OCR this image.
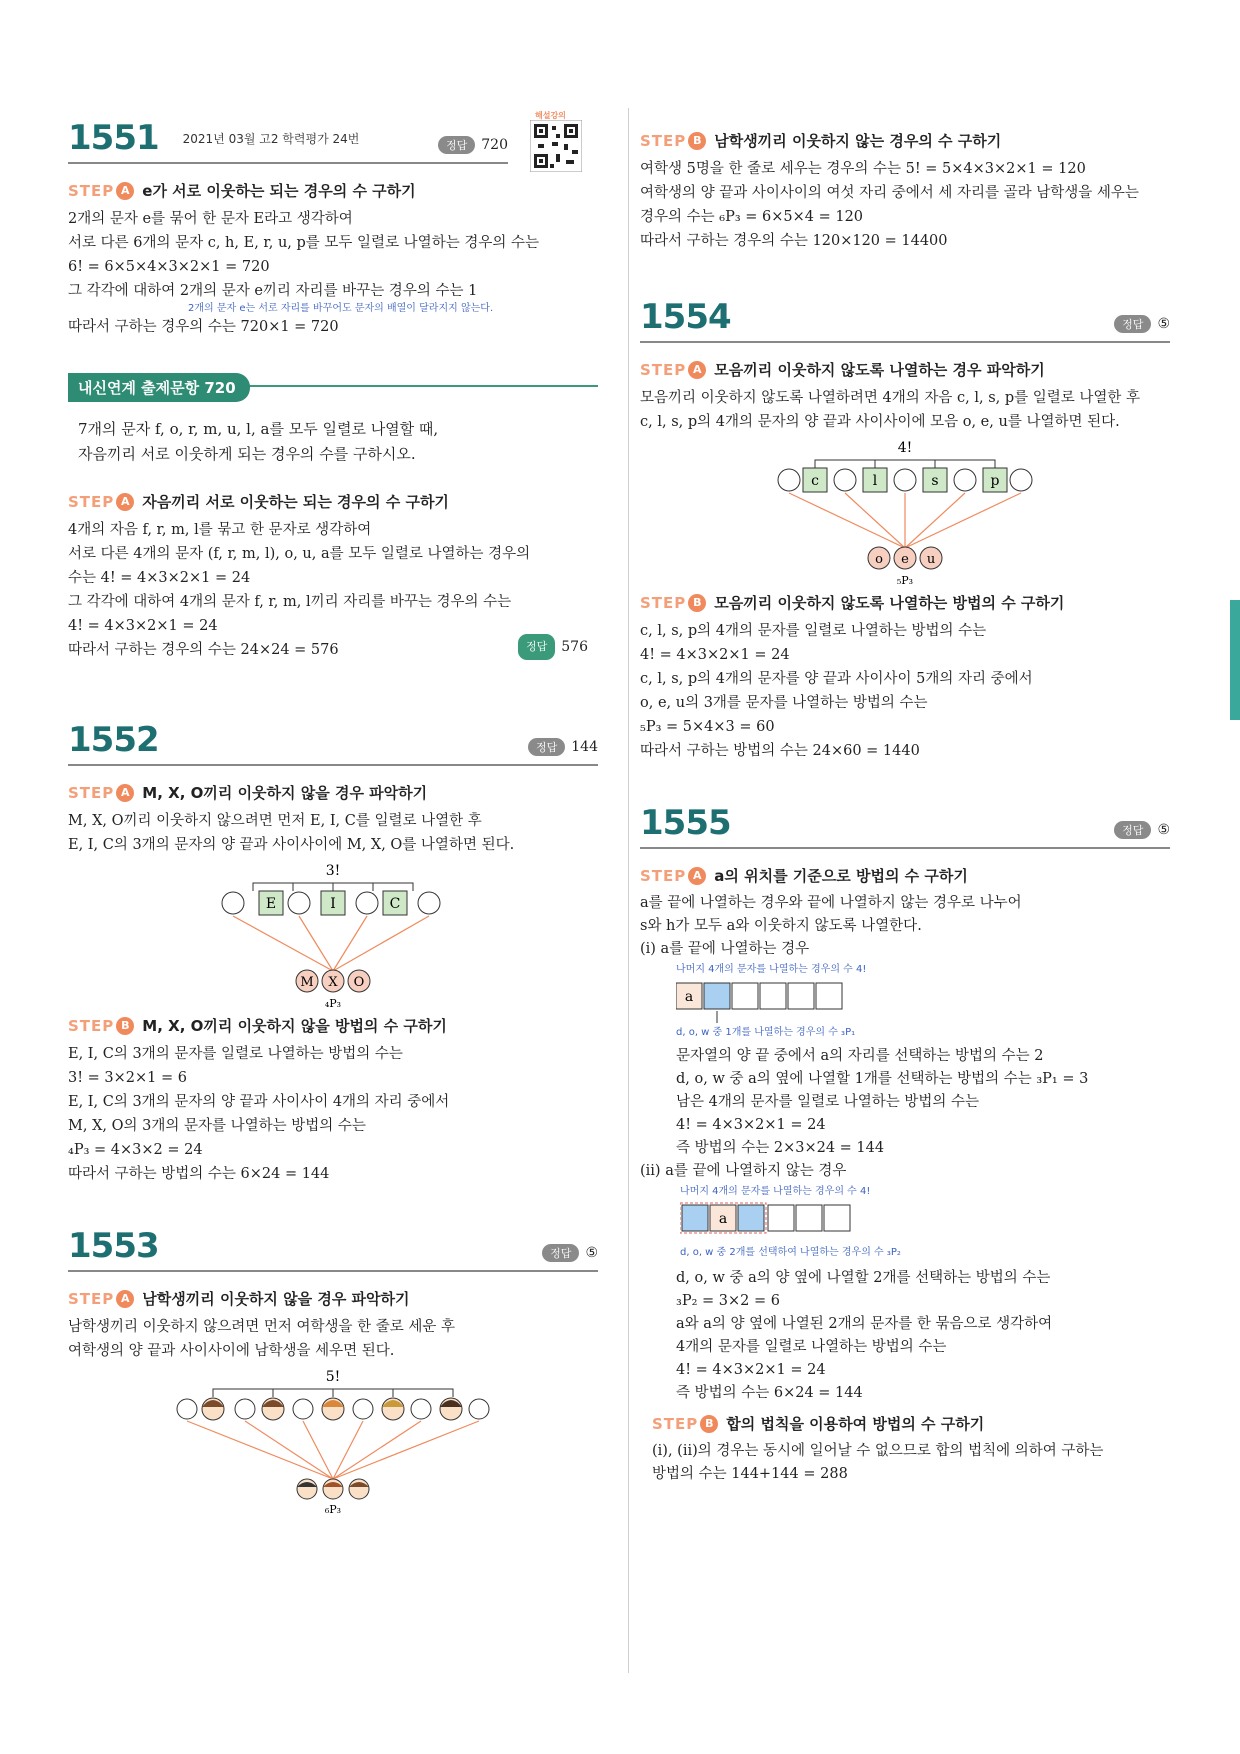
해설강의
1551 2021년 03월 고2 학력평가 24번	정답	720
STEP A e가 서로 이웃하는 되는 경우의 수 구하기
2개의 문자 e를 묶어 한 문자 E라고 생각하여
서로 다른 6개의 문자 c, h, E, r, u, p를 모두 일렬로 나열하는 경우의 수는
6! = 6×5×4×3×2×1 = 720
그 각각에 대하여 2개의 문자 e끼리 자리를 바꾸는 경우의 수는 1
2개의 문자 e는 서로 자리를 바꾸어도 문자의 배열이 달라지지 않는다.
따라서 구하는 경우의 수는 720×1 = 720
내신연계 출제문항 720
7개의 문자 f, o, r, m, u, l, a를 모두 일렬로 나열할 때,
자음끼리 서로 이웃하게 되는 경우의 수를 구하시오.
STEP A 자음끼리 서로 이웃하는 되는 경우의 수 구하기
4개의 자음 f, r, m, l를 묶고 한 문자로 생각하여
서로 다른 4개의 문자 (f, r, m, l), o, u, a를 모두 일렬로 나열하는 경우의
수는 4! = 4×3×2×1 = 24
그 각각에 대하여 4개의 문자 f, r, m, l끼리 자리를 바꾸는 경우의 수는
4! = 4×3×2×1 = 24
따라서 구하는 경우의 수는 24×24 = 576	정답	576
1552	정답	144
STEP A M, X, O끼리 이웃하지 않을 경우 파악하기
M, X, O끼리 이웃하지 않으려면 먼저 E, I, C를 일렬로 나열한 후
E, I, C의 3개의 문자의 양 끝과 사이사이에 M, X, O를 나열하면 된다.
3!
E	I	C
M X O
₄P₃
STEP B M, X, O끼리 이웃하지 않을 방법의 수 구하기
E, I, C의 3개의 문자를 일렬로 나열하는 방법의 수는
3! = 3×2×1 = 6
E, I, C의 3개의 문자의 양 끝과 사이사이 4개의 자리 중에서
M, X, O의 3개의 문자를 나열하는 방법의 수는
₄P₃ = 4×3×2 = 24
따라서 구하는 방법의 수는 6×24 = 144
1553	정답	⑤
STEP A 남학생끼리 이웃하지 않을 경우 파악하기
남학생끼리 이웃하지 않으려면 먼저 여학생을 한 줄로 세운 후
여학생의 양 끝과 사이사이에 남학생을 세우면 된다.
5!
₆P₃
STEP B 남학생끼리 이웃하지 않는 경우의 수 구하기
여학생 5명을 한 줄로 세우는 경우의 수는 5! = 5×4×3×2×1 = 120
여학생의 양 끝과 사이사이의 여섯 자리 중에서 세 자리를 골라 남학생을 세우는
경우의 수는 ₆P₃ = 6×5×4 = 120
따라서 구하는 경우의 수는 120×120 = 14400
1554	정답	⑤
STEP A 모음끼리 이웃하지 않도록 나열하는 경우 파악하기
모음끼리 이웃하지 않도록 나열하려면 4개의 자음 c, l, s, p를 일렬로 나열한 후
c, l, s, p의 4개의 문자의 양 끝과 사이사이에 모음 o, e, u를 나열하면 된다.
4!
c	l	s	p
o e u
₅P₃
STEP B 모음끼리 이웃하지 않도록 나열하는 방법의 수 구하기
c, l, s, p의 4개의 문자를 일렬로 나열하는 방법의 수는
4! = 4×3×2×1 = 24
c, l, s, p의 4개의 문자를 양 끝과 사이사이 5개의 자리 중에서
o, e, u의 3개를 문자를 나열하는 방법의 수는
₅P₃ = 5×4×3 = 60
따라서 구하는 방법의 수는 24×60 = 1440
1555	정답	⑤
STEP A a의 위치를 기준으로 방법의 수 구하기
a를 끝에 나열하는 경우와 끝에 나열하지 않는 경우로 나누어
s와 h가 모두 a와 이웃하지 않도록 나열한다.
(ⅰ) a를 끝에 나열하는 경우
나머지 4개의 문자를 나열하는 경우의 수 4!
a
d, o, w 중 1개를 나열하는 경우의 수 ₃P₁
문자열의 양 끝 중에서 a의 자리를 선택하는 방법의 수는 2
d, o, w 중 a의 옆에 나열할 1개를 선택하는 방법의 수는 ₃P₁ = 3
남은 4개의 문자를 일렬로 나열하는 방법의 수는
4! = 4×3×2×1 = 24
즉 방법의 수는 2×3×24 = 144
(ⅱ) a를 끝에 나열하지 않는 경우
나머지 4개의 문자를 나열하는 경우의 수 4!
a
d, o, w 중 2개를 선택하여 나열하는 경우의 수 ₃P₂
d, o, w 중 a의 양 옆에 나열할 2개를 선택하는 방법의 수는
₃P₂ = 3×2 = 6
a와 a의 양 옆에 나열된 2개의 문자를 한 묶음으로 생각하여
4개의 문자를 일렬로 나열하는 방법의 수는
4! = 4×3×2×1 = 24
즉 방법의 수는 6×24 = 144
STEP B 합의 법칙을 이용하여 방법의 수 구하기
(ⅰ), (ⅱ)의 경우는 동시에 일어날 수 없으므로 합의 법칙에 의하여 구하는
방법의 수는 144+144 = 288
